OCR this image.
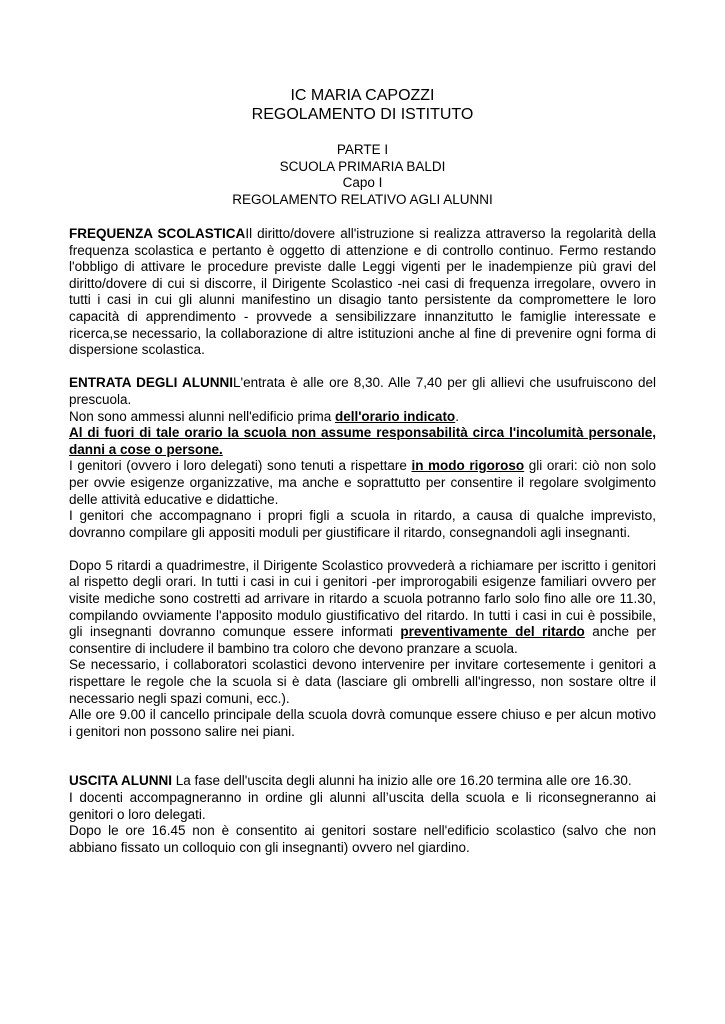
IC MARIA CAPOZZI
REGOLAMENTO DI ISTITUTO
PARTE I
SCUOLA PRIMARIA BALDI
Capo I
REGOLAMENTO RELATIVO AGLI ALUNNI

FREQUENZA SCOLASTICAIl diritto/dovere all'istruzione si realizza attraverso la regolarità della frequenza scolastica e pertanto è oggetto di attenzione e di controllo continuo. Fermo restando l'obbligo di attivare le procedure previste dalle Leggi vigenti per le inadempienze più gravi del diritto/dovere di cui si discorre, il Dirigente Scolastico -nei casi di frequenza irregolare, ovvero in tutti i casi in cui gli alunni manifestino un disagio tanto persistente da compromettere le loro capacità di apprendimento - provvede a sensibilizzare innanzitutto le famiglie interessate e ricerca,se necessario, la collaborazione di altre istituzioni anche al fine di prevenire ogni forma di dispersione scolastica.

ENTRATA DEGLI ALUNNIL'entrata è alle ore 8,30. Alle 7,40 per gli allievi che usufruiscono del prescuola.

Non sono ammessi alunni nell'edificio prima dell'orario indicato.

Al di fuori di tale orario la scuola non assume responsabilità circa l'incolumità personale, danni a cose o persone.

I genitori (ovvero i loro delegati) sono tenuti a rispettare in modo rigoroso gli orari: ciò non solo per ovvie esigenze organizzative, ma anche e soprattutto per consentire il regolare svolgimento delle attività educative e didattiche.

I genitori che accompagnano i propri figli a scuola in ritardo, a causa di qualche imprevisto, dovranno compilare gli appositi moduli per giustificare il ritardo, consegnandoli agli insegnanti.

Dopo 5 ritardi a quadrimestre, il Dirigente Scolastico provvederà a richiamare per iscritto i genitori al rispetto degli orari. In tutti i casi in cui i genitori -per improrogabili esigenze familiari ovvero per visite mediche sono costretti ad arrivare in ritardo a scuola potranno farlo solo fino alle ore 11.30, compilando ovviamente l'apposito modulo giustificativo del ritardo. In tutti i casi in cui è possibile, gli insegnanti dovranno comunque essere informati preventivamente del ritardo anche per consentire di includere il bambino tra coloro che devono pranzare a scuola.

Se necessario, i collaboratori scolastici devono intervenire per invitare cortesemente i genitori a rispettare le regole che la scuola si è data (lasciare gli ombrelli all'ingresso, non sostare oltre il necessario negli spazi comuni, ecc.).

Alle ore 9.00 il cancello principale della scuola dovrà comunque essere chiuso e per alcun motivo i genitori non possono salire nei piani.

USCITA ALUNNI La fase dell'uscita degli alunni ha inizio alle ore 16.20 termina alle ore 16.30.

I docenti accompagneranno in ordine gli alunni all’uscita della scuola e li riconsegneranno ai genitori o loro delegati.

Dopo le ore 16.45 non è consentito ai genitori sostare nell'edificio scolastico (salvo che non abbiano fissato un colloquio con gli insegnanti) ovvero nel giardino.
